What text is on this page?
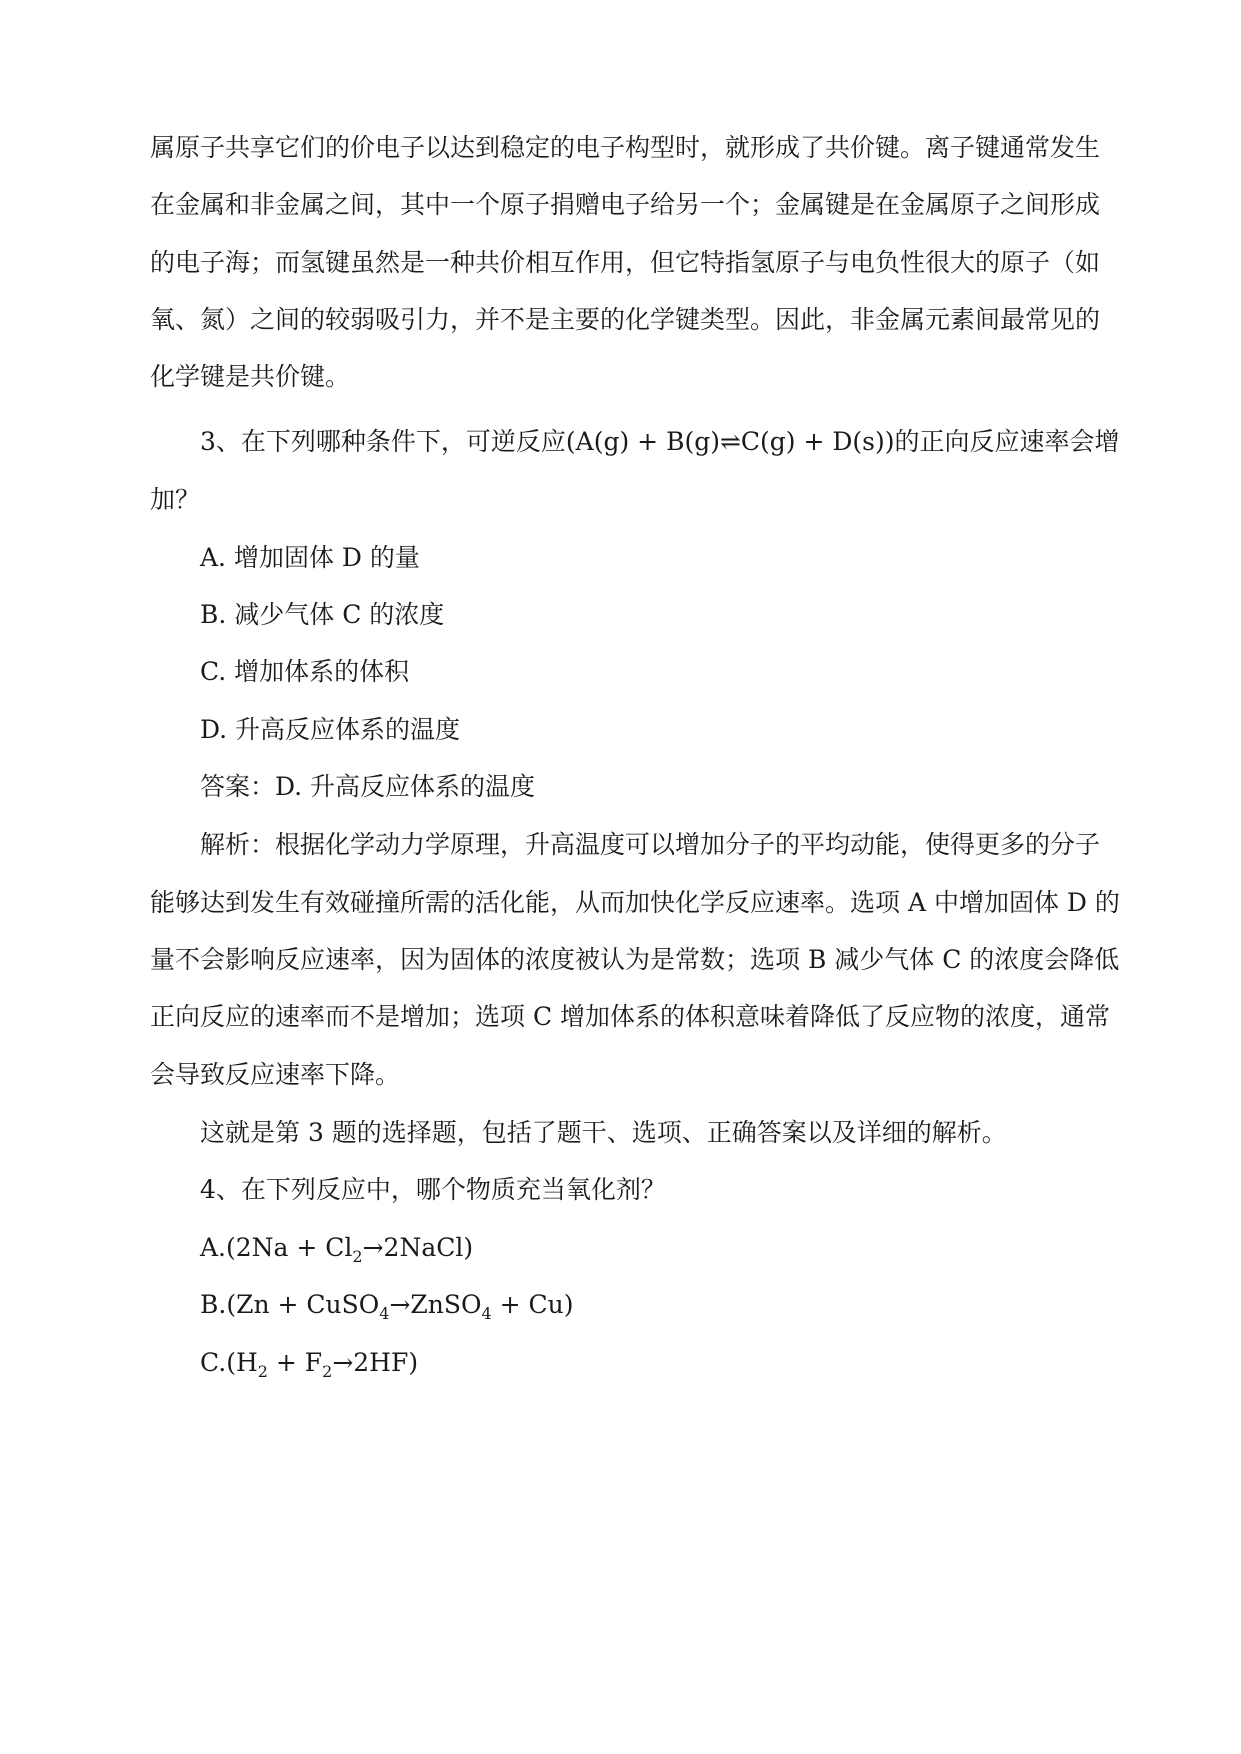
属原子共享它们的价电子以达到稳定的电子构型时，就形成了共价键。离子键通常发生
在金属和非金属之间，其中一个原子捐赠电子给另一个；金属键是在金属原子之间形成
的电子海；而氢键虽然是一种共价相互作用，但它特指氢原子与电负性很大的原子（如
氧、氮）之间的较弱吸引力，并不是主要的化学键类型。因此，非金属元素间最常见的
化学键是共价键。
3、在下列哪种条件下，可逆反应(A(g) + B(g)⇌C(g) + D(s))的正向反应速率会增
加？
A. 增加固体 D 的量
B. 减少气体 C 的浓度
C. 增加体系的体积
D. 升高反应体系的温度
答案：D. 升高反应体系的温度
解析：根据化学动力学原理，升高温度可以增加分子的平均动能，使得更多的分子
能够达到发生有效碰撞所需的活化能，从而加快化学反应速率。选项 A 中增加固体 D 的
量不会影响反应速率，因为固体的浓度被认为是常数；选项 B 减少气体 C 的浓度会降低
正向反应的速率而不是增加；选项 C 增加体系的体积意味着降低了反应物的浓度，通常
会导致反应速率下降。
这就是第 3 题的选择题，包括了题干、选项、正确答案以及详细的解析。
4、在下列反应中，哪个物质充当氧化剂？
$A.(2Na + Cl_2\to 2NaCl)$
B.(Zn + CuSO$_4$→ZnSO$_4$ + Cu)
$C.(H_2 + F_2\to 2HF)$
